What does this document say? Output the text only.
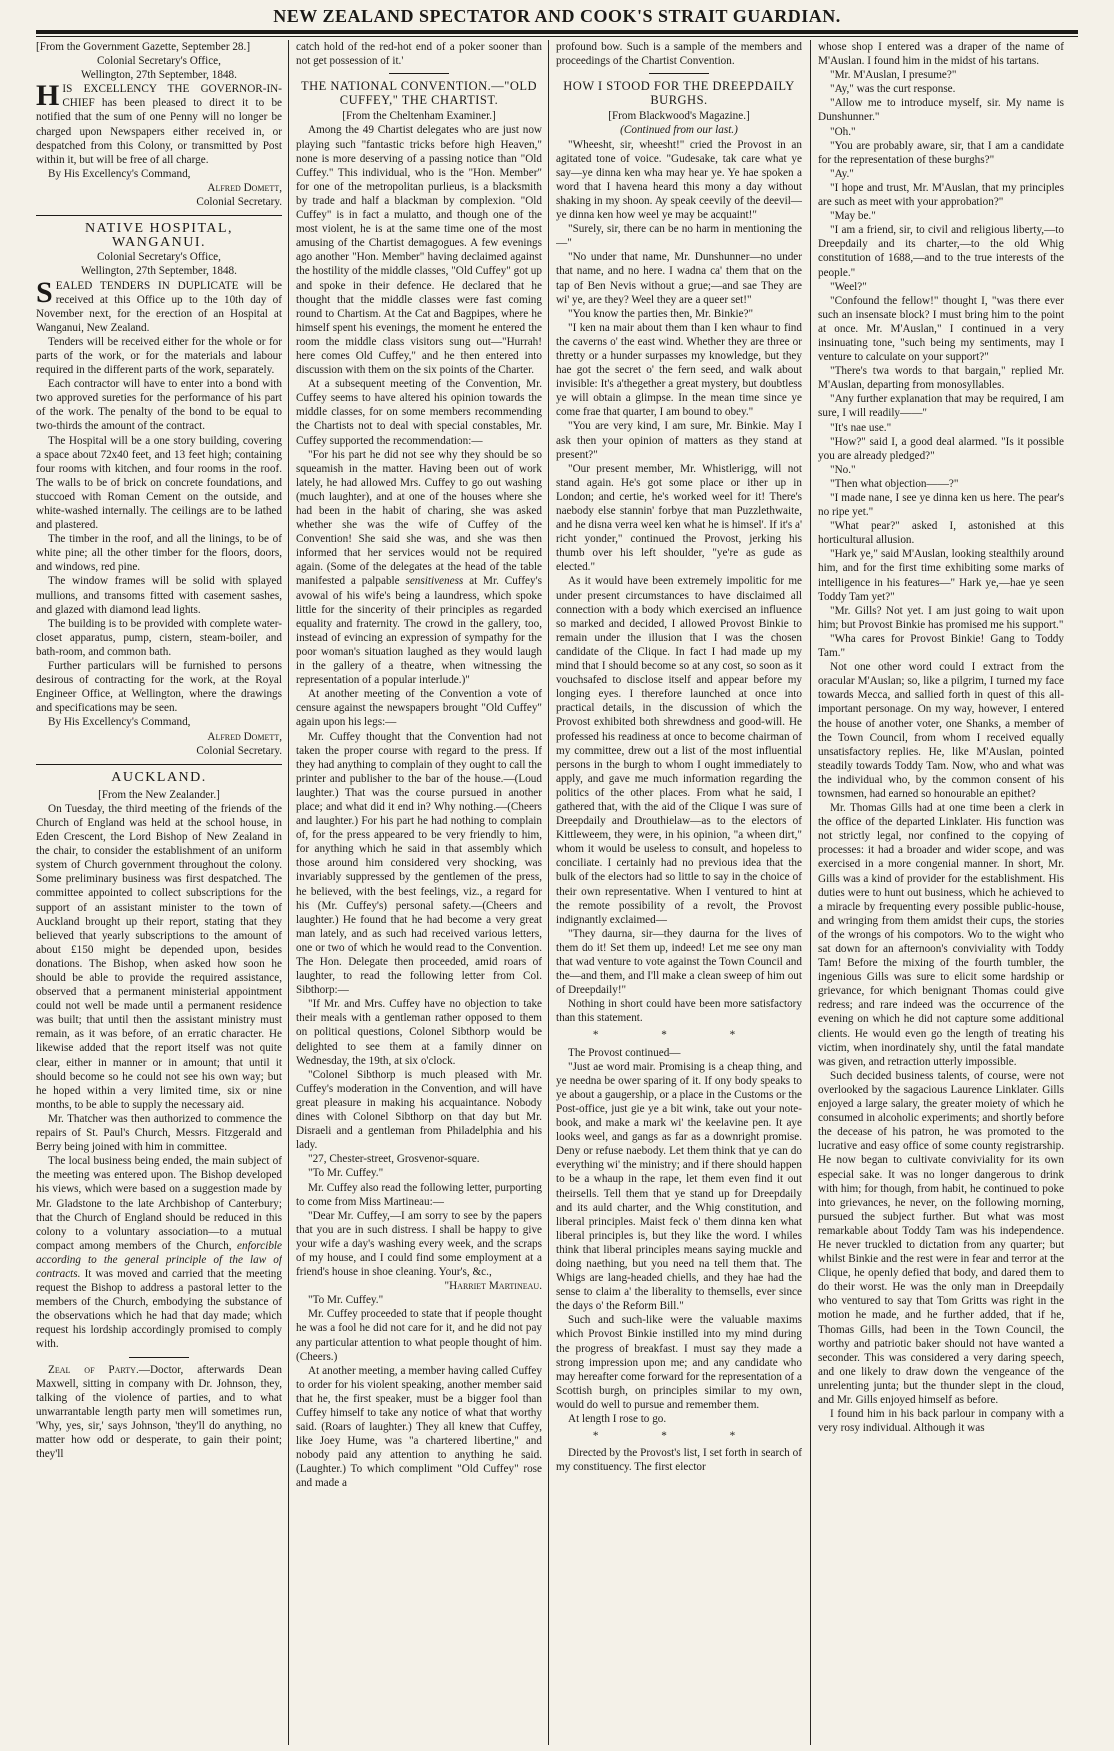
NEW ZEALAND SPECTATOR AND COOK'S STRAIT GUARDIAN.

[From the Government Gazette, September 28.]

Colonial Secretary's Office,

Wellington, 27th September, 1848.

HIS EXCELLENCY THE GOVERNOR-IN-CHIEF has been pleased to direct it to be notified that the sum of one Penny will no longer be charged upon Newspapers either received in, or despatched from this Colony, or transmitted by Post within it, but will be free of all charge.

By His Excellency's Command,

Alfred Domett,

Colonial Secretary.

NATIVE HOSPITAL,
WANGANUI.

Colonial Secretary's Office,

Wellington, 27th September, 1848.

SEALED TENDERS IN DUPLICATE will be received at this Office up to the 10th day of November next, for the erection of an Hospital at Wanganui, New Zealand.

Tenders will be received either for the whole or for parts of the work, or for the materials and labour required in the different parts of the work, separately.

Each contractor will have to enter into a bond with two approved sureties for the performance of his part of the work. The penalty of the bond to be equal to two-thirds the amount of the contract.

The Hospital will be a one story building, covering a space about 72x40 feet, and 13 feet high; containing four rooms with kitchen, and four rooms in the roof. The walls to be of brick on concrete foundations, and stuccoed with Roman Cement on the outside, and white-washed internally. The ceilings are to be lathed and plastered.

The timber in the roof, and all the linings, to be of white pine; all the other timber for the floors, doors, and windows, red pine.

The window frames will be solid with splayed mullions, and transoms fitted with casement sashes, and glazed with diamond lead lights.

The building is to be provided with complete water-closet apparatus, pump, cistern, steam-boiler, and bath-room, and common bath.

Further particulars will be furnished to persons desirous of contracting for the work, at the Royal Engineer Office, at Wellington, where the drawings and specifications may be seen.

By His Excellency's Command,

Alfred Domett,

Colonial Secretary.

AUCKLAND.

[From the New Zealander.]

On Tuesday, the third meeting of the friends of the Church of England was held at the school house, in Eden Crescent, the Lord Bishop of New Zealand in the chair, to consider the establishment of an uniform system of Church government throughout the colony. Some preliminary business was first despatched. The committee appointed to collect subscriptions for the support of an assistant minister to the town of Auckland brought up their report, stating that they believed that yearly subscriptions to the amount of about £150 might be depended upon, besides donations. The Bishop, when asked how soon he should be able to provide the required assistance, observed that a permanent ministerial appointment could not well be made until a permanent residence was built; that until then the assistant ministry must remain, as it was before, of an erratic character. He likewise added that the report itself was not quite clear, either in manner or in amount; that until it should become so he could not see his own way; but he hoped within a very limited time, six or nine months, to be able to supply the necessary aid.

Mr. Thatcher was then authorized to commence the repairs of St. Paul's Church, Messrs. Fitzgerald and Berry being joined with him in committee.

The local business being ended, the main subject of the meeting was entered upon. The Bishop developed his views, which were based on a suggestion made by Mr. Gladstone to the late Archbishop of Canterbury; that the Church of England should be reduced in this colony to a voluntary association—to a mutual compact among members of the Church, enforcible according to the general principle of the law of contracts. It was moved and carried that the meeting request the Bishop to address a pastoral letter to the members of the Church, embodying the substance of the observations which he had that day made; which request his lordship accordingly promised to comply with.

Zeal of Party.—Doctor, afterwards Dean Maxwell, sitting in company with Dr. Johnson, they, talking of the violence of parties, and to what unwarrantable length party men will sometimes run, 'Why, yes, sir,' says Johnson, 'they'll do anything, no matter how odd or desperate, to gain their point; they'll

catch hold of the red-hot end of a poker sooner than not get possession of it.'

THE NATIONAL CONVENTION.—"OLD CUFFEY," THE CHARTIST.

[From the Cheltenham Examiner.]

Among the 49 Chartist delegates who are just now playing such "fantastic tricks before high Heaven," none is more deserving of a passing notice than "Old Cuffey." This individual, who is the "Hon. Member" for one of the metropolitan purlieus, is a blacksmith by trade and half a blackman by complexion. "Old Cuffey" is in fact a mulatto, and though one of the most violent, he is at the same time one of the most amusing of the Chartist demagogues. A few evenings ago another "Hon. Member" having declaimed against the hostility of the middle classes, "Old Cuffey" got up and spoke in their defence. He declared that he thought that the middle classes were fast coming round to Chartism. At the Cat and Bagpipes, where he himself spent his evenings, the moment he entered the room the middle class visitors sung out—"Hurrah! here comes Old Cuffey," and he then entered into discussion with them on the six points of the Charter.

At a subsequent meeting of the Convention, Mr. Cuffey seems to have altered his opinion towards the middle classes, for on some members recommending the Chartists not to deal with special constables, Mr. Cuffey supported the recommendation:—

"For his part he did not see why they should be so squeamish in the matter. Having been out of work lately, he had allowed Mrs. Cuffey to go out washing (much laughter), and at one of the houses where she had been in the habit of charing, she was asked whether she was the wife of Cuffey of the Convention! She said she was, and she was then informed that her services would not be required again. (Some of the delegates at the head of the table manifested a palpable sensitiveness at Mr. Cuffey's avowal of his wife's being a laundress, which spoke little for the sincerity of their principles as regarded equality and fraternity. The crowd in the gallery, too, instead of evincing an expression of sympathy for the poor woman's situation laughed as they would laugh in the gallery of a theatre, when witnessing the representation of a popular interlude.)"

At another meeting of the Convention a vote of censure against the newspapers brought "Old Cuffey" again upon his legs:—

Mr. Cuffey thought that the Convention had not taken the proper course with regard to the press. If they had anything to complain of they ought to call the printer and publisher to the bar of the house.—(Loud laughter.) That was the course pursued in another place; and what did it end in? Why nothing.—(Cheers and laughter.) For his part he had nothing to complain of, for the press appeared to be very friendly to him, for anything which he said in that assembly which those around him considered very shocking, was invariably suppressed by the gentlemen of the press, he believed, with the best feelings, viz., a regard for his (Mr. Cuffey's) personal safety.—(Cheers and laughter.) He found that he had become a very great man lately, and as such had received various letters, one or two of which he would read to the Convention. The Hon. Delegate then proceeded, amid roars of laughter, to read the following letter from Col. Sibthorp:—

"If Mr. and Mrs. Cuffey have no objection to take their meals with a gentleman rather opposed to them on political questions, Colonel Sibthorp would be delighted to see them at a family dinner on Wednesday, the 19th, at six o'clock.

"Colonel Sibthorp is much pleased with Mr. Cuffey's moderation in the Convention, and will have great pleasure in making his acquaintance. Nobody dines with Colonel Sibthorp on that day but Mr. Disraeli and a gentleman from Philadelphia and his lady.

"27, Chester-street, Grosvenor-square.

"To Mr. Cuffey."

Mr. Cuffey also read the following letter, purporting to come from Miss Martineau:—

"Dear Mr. Cuffey,—I am sorry to see by the papers that you are in such distress. I shall be happy to give your wife a day's washing every week, and the scraps of my house, and I could find some employment at a friend's house in shoe cleaning. Your's, &c.,

"Harriet Martineau.

"To Mr. Cuffey."

Mr. Cuffey proceeded to state that if people thought he was a fool he did not care for it, and he did not pay any particular attention to what people thought of him. (Cheers.)

At another meeting, a member having called Cuffey to order for his violent speaking, another member said that he, the first speaker, must be a bigger fool than Cuffey himself to take any notice of what that worthy said. (Roars of laughter.) They all knew that Cuffey, like Joey Hume, was "a chartered libertine," and nobody paid any attention to anything he said. (Laughter.) To which compliment "Old Cuffey" rose and made a

profound bow. Such is a sample of the members and proceedings of the Chartist Convention.

HOW I STOOD FOR THE DREEPDAILY BURGHS.

[From Blackwood's Magazine.]

(Continued from our last.)

"Wheesht, sir, wheesht!" cried the Provost in an agitated tone of voice. "Gudesake, tak care what ye say—ye dinna ken wha may hear ye. Ye hae spoken a word that I havena heard this mony a day without shaking in my shoon. Ay speak ceevily of the deevil—ye dinna ken how weel ye may be acquaint!"

"Surely, sir, there can be no harm in mentioning the—"

"No under that name, Mr. Dunshunner—no under that name, and no here. I wadna ca' them that on the tap of Ben Nevis without a grue;—and sae They are wi' ye, are they? Weel they are a queer set!"

"You know the parties then, Mr. Binkie?"

"I ken na mair about them than I ken whaur to find the caverns o' the east wind. Whether they are three or thretty or a hunder surpasses my knowledge, but they hae got the secret o' the fern seed, and walk about invisible: It's a'thegether a great mystery, but doubtless ye will obtain a glimpse. In the mean time since ye come frae that quarter, I am bound to obey."

"You are very kind, I am sure, Mr. Binkie. May I ask then your opinion of matters as they stand at present?"

"Our present member, Mr. Whistlerigg, will not stand again. He's got some place or ither up in London; and certie, he's worked weel for it! There's naebody else stannin' forbye that man Puzzlethwaite, and he disna verra weel ken what he is himsel'. If it's a' richt yonder," continued the Provost, jerking his thumb over his left shoulder, "ye're as gude as elected."

As it would have been extremely impolitic for me under present circumstances to have disclaimed all connection with a body which exercised an influence so marked and decided, I allowed Provost Binkie to remain under the illusion that I was the chosen candidate of the Clique. In fact I had made up my mind that I should become so at any cost, so soon as it vouchsafed to disclose itself and appear before my longing eyes. I therefore launched at once into practical details, in the discussion of which the Provost exhibited both shrewdness and good-will. He professed his readiness at once to become chairman of my committee, drew out a list of the most influential persons in the burgh to whom I ought immediately to apply, and gave me much information regarding the politics of the other places. From what he said, I gathered that, with the aid of the Clique I was sure of Dreepdaily and Drouthielaw—as to the electors of Kittleweem, they were, in his opinion, "a wheen dirt," whom it would be useless to consult, and hopeless to conciliate. I certainly had no previous idea that the bulk of the electors had so little to say in the choice of their own representative. When I ventured to hint at the remote possibility of a revolt, the Provost indignantly exclaimed—

"They daurna, sir—they daurna for the lives of them do it! Set them up, indeed! Let me see ony man that wad venture to vote against the Town Council and the—and them, and I'll make a clean sweep of him out of Dreepdaily!"

Nothing in short could have been more satisfactory than this statement.

* * *

The Provost continued—

"Just ae word mair. Promising is a cheap thing, and ye needna be ower sparing of it. If ony body speaks to ye about a gaugership, or a place in the Customs or the Post-office, just gie ye a bit wink, take out your note-book, and make a mark wi' the keelavine pen. It aye looks weel, and gangs as far as a downright promise. Deny or refuse naebody. Let them think that ye can do everything wi' the ministry; and if there should happen to be a whaup in the rape, let them even find it out theirsells. Tell them that ye stand up for Dreepdaily and its auld charter, and the Whig constitution, and liberal principles. Maist feck o' them dinna ken what liberal principles is, but they like the word. I whiles think that liberal principles means saying muckle and doing naething, but you need na tell them that. The Whigs are lang-headed chiells, and they hae had the sense to claim a' the liberality to themsells, ever since the days o' the Reform Bill."

Such and such-like were the valuable maxims which Provost Binkie instilled into my mind during the progress of breakfast. I must say they made a strong impression upon me; and any candidate who may hereafter come forward for the representation of a Scottish burgh, on principles similar to my own, would do well to pursue and remember them.

At length I rose to go.

* * *

Directed by the Provost's list, I set forth in search of my constituency. The first elector

whose shop I entered was a draper of the name of M'Auslan. I found him in the midst of his tartans.

"Mr. M'Auslan, I presume?"

"Ay," was the curt response.

"Allow me to introduce myself, sir. My name is Dunshunner."

"Oh."

"You are probably aware, sir, that I am a candidate for the representation of these burghs?"

"Ay."

"I hope and trust, Mr. M'Auslan, that my principles are such as meet with your approbation?"

"May be."

"I am a friend, sir, to civil and religious liberty,—to Dreepdaily and its charter,—to the old Whig constitution of 1688,—and to the true interests of the people."

"Weel?"

"Confound the fellow!" thought I, "was there ever such an insensate block? I must bring him to the point at once. Mr. M'Auslan," I continued in a very insinuating tone, "such being my sentiments, may I venture to calculate on your support?"

"There's twa words to that bargain," replied Mr. M'Auslan, departing from monosyllables.

"Any further explanation that may be required, I am sure, I will readily——"

"It's nae use."

"How?" said I, a good deal alarmed. "Is it possible you are already pledged?"

"No."

"Then what objection——?"

"I made nane, I see ye dinna ken us here. The pear's no ripe yet."

"What pear?" asked I, astonished at this horticultural allusion.

"Hark ye," said M'Auslan, looking stealthily around him, and for the first time exhibiting some marks of intelligence in his features—" Hark ye,—hae ye seen Toddy Tam yet?"

"Mr. Gills? Not yet. I am just going to wait upon him; but Provost Binkie has promised me his support."

"Wha cares for Provost Binkie! Gang to Toddy Tam."

Not one other word could I extract from the oracular M'Auslan; so, like a pilgrim, I turned my face towards Mecca, and sallied forth in quest of this all-important personage. On my way, however, I entered the house of another voter, one Shanks, a member of the Town Council, from whom I received equally unsatisfactory replies. He, like M'Auslan, pointed steadily towards Toddy Tam. Now, who and what was the individual who, by the common consent of his townsmen, had earned so honourable an epithet?

Mr. Thomas Gills had at one time been a clerk in the office of the departed Linklater. His function was not strictly legal, nor confined to the copying of processes: it had a broader and wider scope, and was exercised in a more congenial manner. In short, Mr. Gills was a kind of provider for the establishment. His duties were to hunt out business, which he achieved to a miracle by frequenting every possible public-house, and wringing from them amidst their cups, the stories of the wrongs of his compotors. Wo to the wight who sat down for an afternoon's conviviality with Toddy Tam! Before the mixing of the fourth tumbler, the ingenious Gills was sure to elicit some hardship or grievance, for which benignant Thomas could give redress; and rare indeed was the occurrence of the evening on which he did not capture some additional clients. He would even go the length of treating his victim, when inordinately shy, until the fatal mandate was given, and retraction utterly impossible.

Such decided business talents, of course, were not overlooked by the sagacious Laurence Linklater. Gills enjoyed a large salary, the greater moiety of which he consumed in alcoholic experiments; and shortly before the decease of his patron, he was promoted to the lucrative and easy office of some county registrarship. He now began to cultivate conviviality for its own especial sake. It was no longer dangerous to drink with him; for though, from habit, he continued to poke into grievances, he never, on the following morning, pursued the subject further. But what was most remarkable about Toddy Tam was his independence. He never truckled to dictation from any quarter; but whilst Binkie and the rest were in fear and terror at the Clique, he openly defied that body, and dared them to do their worst. He was the only man in Dreepdaily who ventured to say that Tom Gritts was right in the motion he made, and he further added, that if he, Thomas Gills, had been in the Town Council, the worthy and patriotic baker should not have wanted a seconder. This was considered a very daring speech, and one likely to draw down the vengeance of the unrelenting junta; but the thunder slept in the cloud, and Mr. Gills enjoyed himself as before.

I found him in his back parlour in company with a very rosy individual. Although it was
